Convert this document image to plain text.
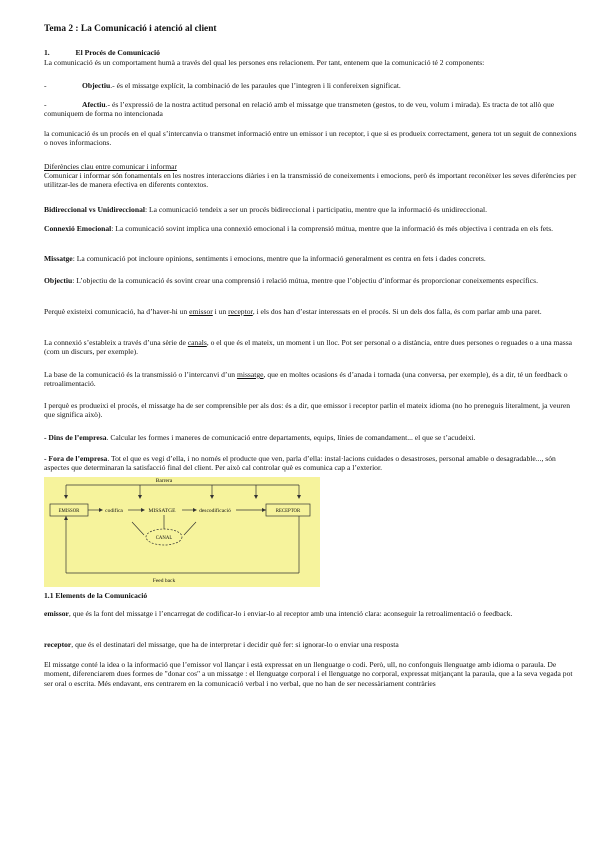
Tema 2 : La Comunicació i atenció al client

1.	El Procés de Comunicació

La comunicació és un comportament humà a través del qual les persones ens relacionem. Per tant, entenem que la comunicació té 2 components:

-	Objectiu.- és el missatge explícit, la combinació de les paraules que l’integren i li confereixen significat.

-	Afectiu.- és l’expressió de la nostra actitud personal en relació amb el missatge que transmeten (gestos, to de veu, volum i mirada). Es tracta de tot allò que comuniquem de forma no intencionada

la comunicació és un procés en el qual s’intercanvia o transmet informació entre un emissor i un receptor, i que si es produeix correctament, genera tot un seguit de connexions o noves informacions.

Diferències clau entre comunicar i informar

Comunicar i informar són fonamentals en les nostres interaccions diàries i en la transmissió de coneixements i emocions, però és important reconèixer les seves diferències per utilitzar-les de manera efectiva en diferents contextos.

Bidireccional vs Unidireccional: La comunicació tendeix a ser un procés bidireccional i participatiu, mentre que la informació és unidireccional.

Connexió Emocional: La comunicació sovint implica una connexió emocional i la comprensió mútua, mentre que la informació és més objectiva i centrada en els fets.

Missatge: La comunicació pot incloure opinions, sentiments i emocions, mentre que la informació generalment es centra en fets i dades concrets.

Objectiu: L’objectiu de la comunicació és sovint crear una comprensió i relació mútua, mentre que l’objectiu d’informar és proporcionar coneixements específics.

Perquè existeixi comunicació, ha d’haver-hi un emissor i un receptor, i els dos han d’estar interessats en el procés. Si un dels dos falla, és com parlar amb una paret.

La connexió s’estableix a través d’una sèrie de canals, o el que és el mateix, un moment i un lloc. Pot ser personal o a distància, entre dues persones o reguades o a una massa (com un discurs, per exemple).

La base de la comunicació és la transmissió o l’intercanvi d’un missatge, que en moltes ocasions és d’anada i tornada (una conversa, per exemple), és a dir, té un feedback o retroalimentació.

I perquè es produeixi el procés, el missatge ha de ser comprensible per als dos: és a dir, que emissor i receptor parlin el mateix idioma (no ho preneguis literalment, ja veuren que significa això).

- Dins de l’empresa. Calcular les formes i maneres de comunicació entre departaments, equips, línies de comandament... el que se t’acudeixi.

- Fora de l’empresa. Tot el que es vegi d’ella, i no només el producte que ven, parla d’ella: instal·lacions cuidades o desastroses, personal amable o desagradable..., són aspectes que determinaran la satisfacció final del client. Per això cal controlar què es comunica cap a l’exterior.

Barrera
EMISSOR	codifica	MISSATGE	descodificació	RECEPTOR
CANAL
Feed back

1.1 Elements de la Comunicació

emissor, que és la font del missatge i l’encarregat de codificar-lo i enviar-lo al receptor amb una intenció clara: aconseguir la retroalimentació o feedback.

receptor, que és el destinatari del missatge, que ha de interpretar i decidir què fer: si ignorar-lo o enviar una resposta

El missatge conté la idea o la informació que l’emissor vol llançar i està expressat en un llenguatge o codi. Però, ull, no confonguis llenguatge amb idioma o paraula. De moment, diferenciarem dues formes de "donar cos" a un missatge : el llenguatge corporal i el llenguatge no corporal, expressat mitjançant la paraula, que a la seva vegada pot ser oral o escrita. Més endavant, ens centrarem en la comunicació verbal i no verbal, que no han de ser necessàriament contràries
